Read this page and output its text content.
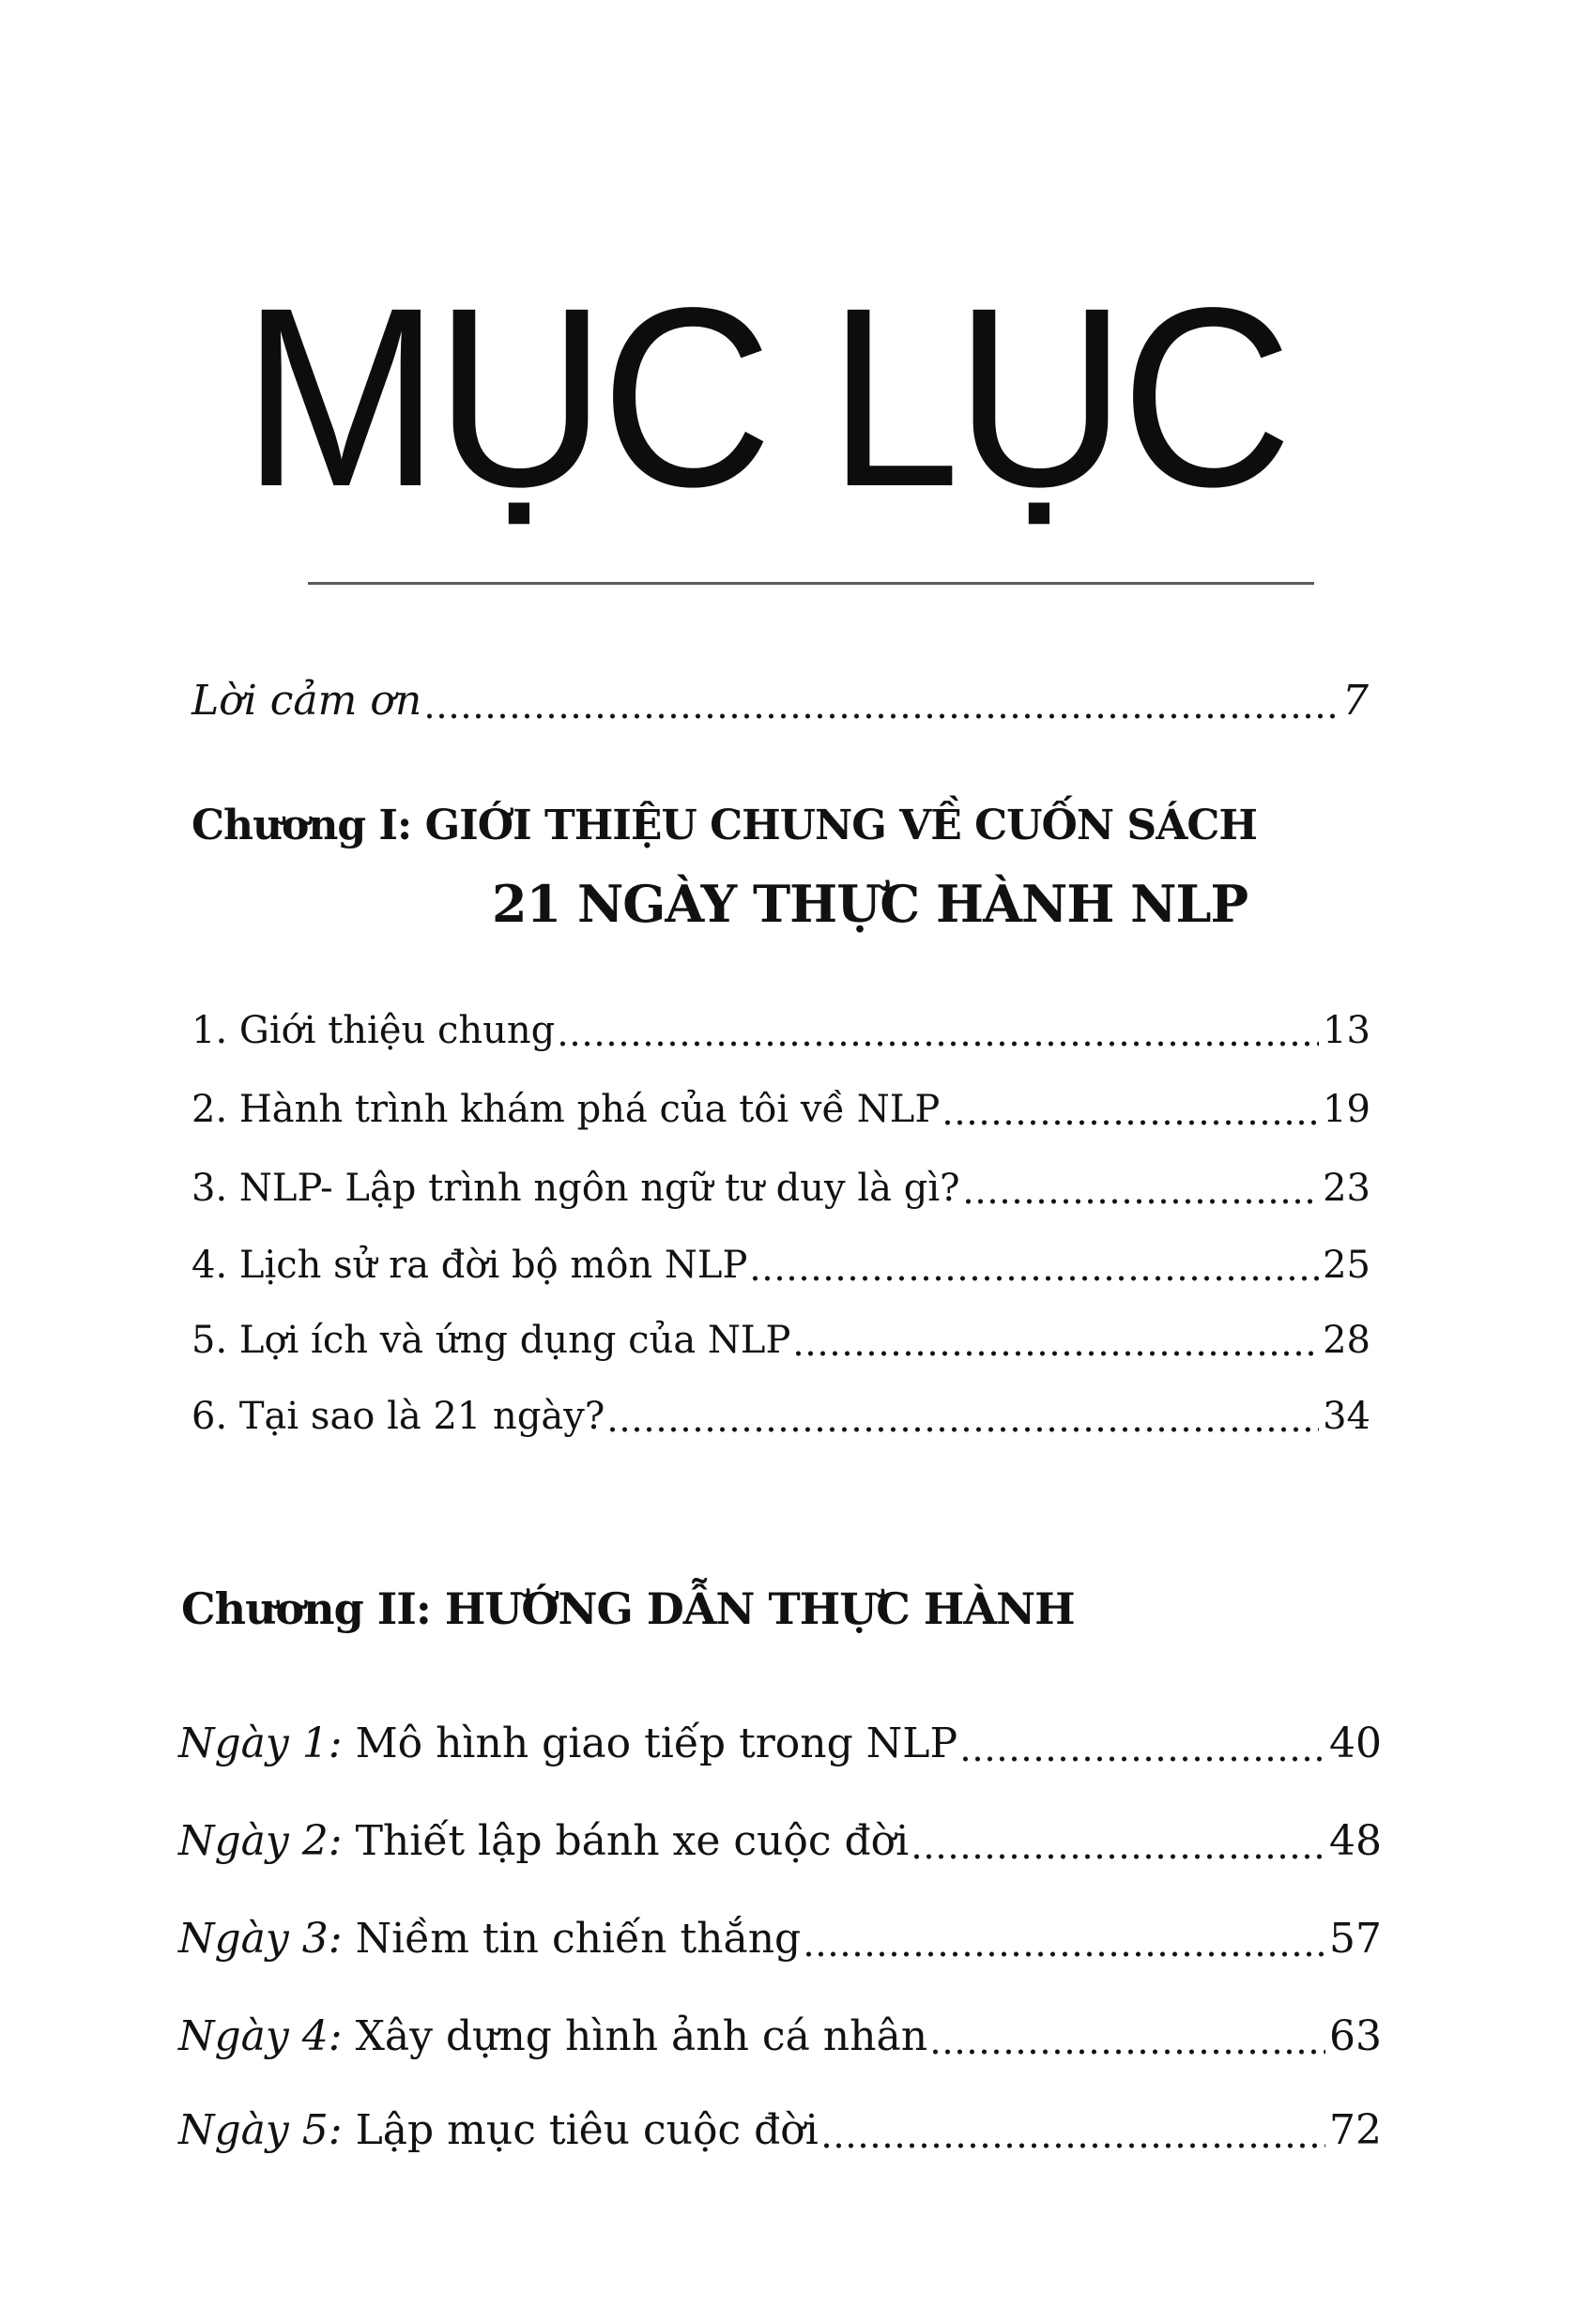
MỤC LỤC
Lời cảm ơn	7
Chương I: GIỚI THIỆU CHUNG VỀ CUỐN SÁCH
21 NGÀY THỰC HÀNH NLP
1. Giới thiệu chung	13
2. Hành trình khám phá của tôi về NLP	19
3. NLP- Lập trình ngôn ngữ tư duy là gì?	23
4. Lịch sử ra đời bộ môn NLP	25
5. Lợi ích và ứng dụng của NLP	28
6. Tại sao là 21 ngày?	34
Chương II: HƯỚNG DẪN THỰC HÀNH
Ngày 1: Mô hình giao tiếp trong NLP	40
Ngày 2: Thiết lập bánh xe cuộc đời	48
Ngày 3: Niềm tin chiến thắng	57
Ngày 4: Xây dựng hình ảnh cá nhân	63
Ngày 5: Lập mục tiêu cuộc đời	72
